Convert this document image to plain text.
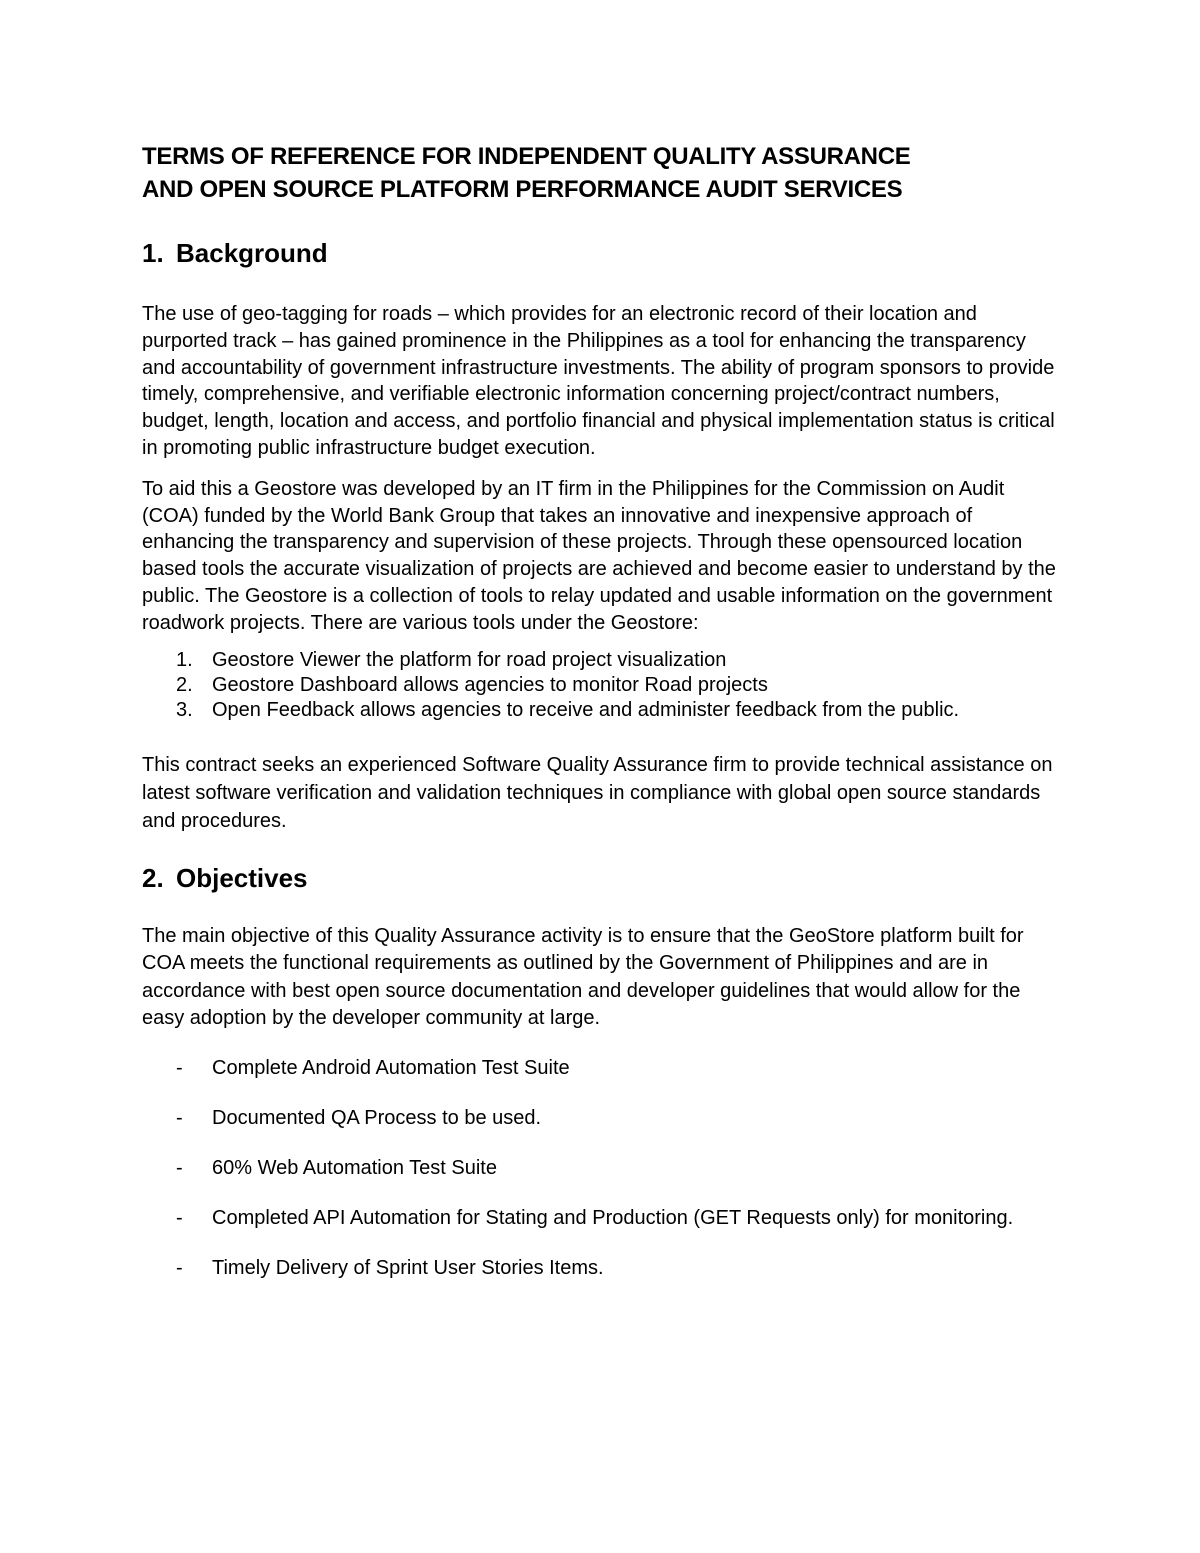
TERMS OF REFERENCE FOR INDEPENDENT QUALITY ASSURANCE
AND OPEN SOURCE PLATFORM PERFORMANCE AUDIT SERVICES
1. Background

The use of geo-tagging for roads – which provides for an electronic record of their location and purported track – has gained prominence in the Philippines as a tool for enhancing the transparency and accountability of government infrastructure investments. The ability of program sponsors to provide timely, comprehensive, and verifiable electronic information concerning project/contract numbers, budget, length, location and access, and portfolio financial and physical implementation status is critical in promoting public infrastructure budget execution.

To aid this a Geostore was developed by an IT firm in the Philippines for the Commission on Audit (COA) funded by the World Bank Group that takes an innovative and inexpensive approach of enhancing the transparency and supervision of these projects. Through these opensourced location based tools the accurate visualization of projects are achieved and become easier to understand by the public. The Geostore is a collection of tools to relay updated and usable information on the government roadwork projects. There are various tools under the Geostore:

1. Geostore Viewer the platform for road project visualization
2. Geostore Dashboard allows agencies to monitor Road projects
3. Open Feedback allows agencies to receive and administer feedback from the public.

This contract seeks an experienced Software Quality Assurance firm to provide technical assistance on latest software verification and validation techniques in compliance with global open source standards and procedures.

2. Objectives

The main objective of this Quality Assurance activity is to ensure that the GeoStore platform built for COA meets the functional requirements as outlined by the Government of Philippines and are in accordance with best open source documentation and developer guidelines that would allow for the easy adoption by the developer community at large.

- Complete Android Automation Test Suite
- Documented QA Process to be used.
- 60% Web Automation Test Suite
- Completed API Automation for Stating and Production (GET Requests only) for monitoring.
- Timely Delivery of Sprint User Stories Items.
